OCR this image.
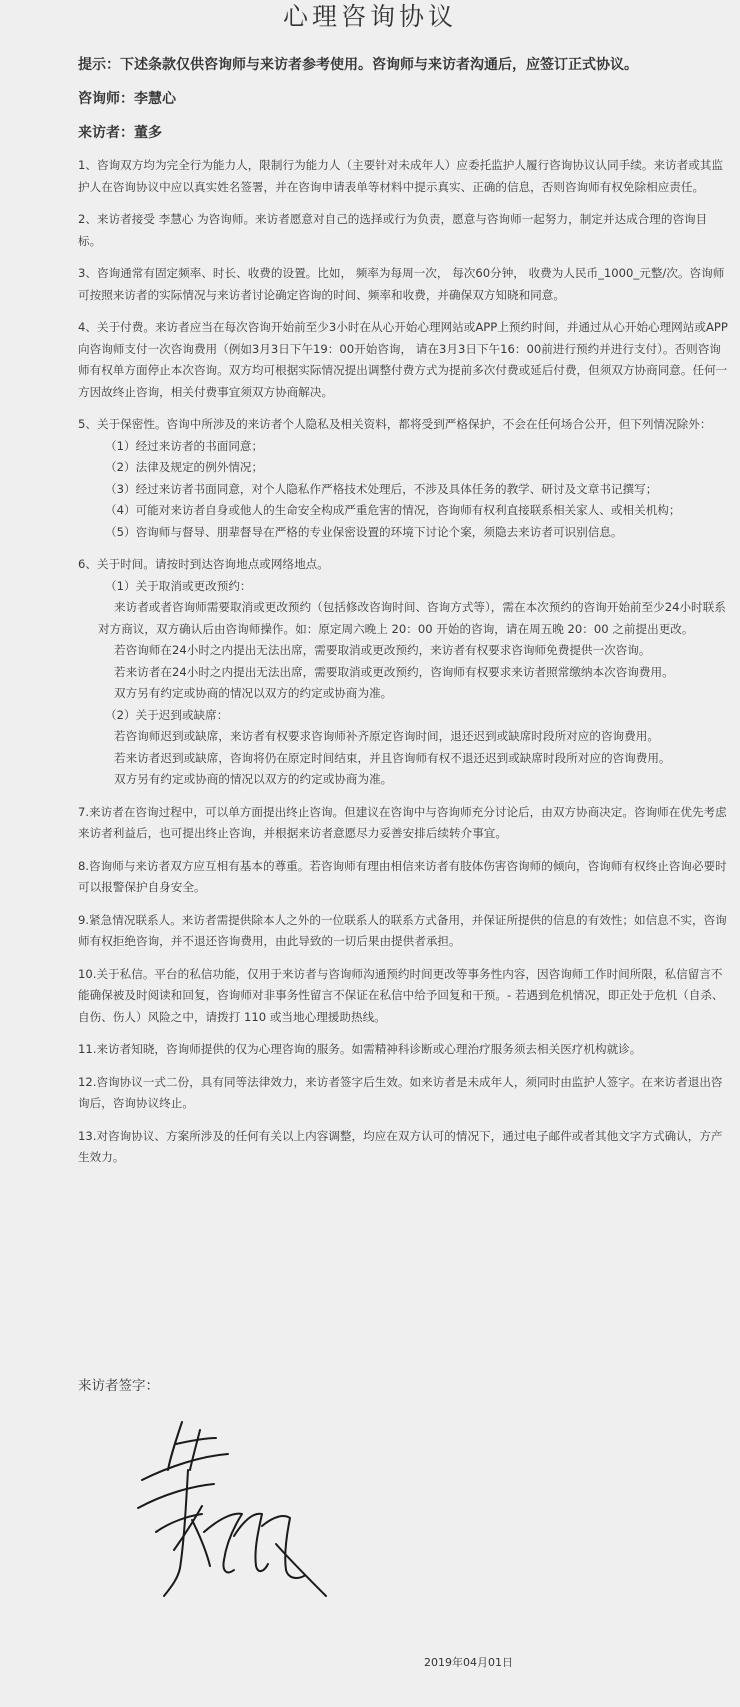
心理咨询协议
提示：下述条款仅供咨询师与来访者参考使用。咨询师与来访者沟通后，应签订正式协议。
咨询师：李慧心
来访者：董多

1、咨询双方均为完全行为能力人，限制行为能力人（主要针对未成年人）应委托监护人履行咨询协议认同手续。来访者或其监护人在咨询协议中应以真实姓名签署，并在咨询申请表单等材料中提示真实、正确的信息，否则咨询师有权免除相应责任。

2、来访者接受 李慧心 为咨询师。来访者愿意对自己的选择或行为负责，愿意与咨询师一起努力，制定并达成合理的咨询目标。

3、咨询通常有固定频率、时长、收费的设置。比如， 频率为每周一次， 每次60分钟， 收费为人民币_1000_元整/次。咨询师可按照来访者的实际情况与来访者讨论确定咨询的时间、频率和收费，并确保双方知晓和同意。

4、关于付费。来访者应当在每次咨询开始前至少3小时在从心开始心理网站或APP上预约时间，并通过从心开始心理网站或APP向咨询师支付一次咨询费用（例如3月3日下午19：00开始咨询， 请在3月3日下午16：00前进行预约并进行支付）。否则咨询师有权单方面停止本次咨询。双方均可根据实际情况提出调整付费方式为提前多次付费或延后付费，但须双方协商同意。任何一方因故终止咨询，相关付费事宜须双方协商解决。

5、关于保密性。咨询中所涉及的来访者个人隐私及相关资料，都将受到严格保护，不会在任何场合公开，但下列情况除外：

（1）经过来访者的书面同意；

（2）法律及规定的例外情况；

（3）经过来访者书面同意，对个人隐私作严格技术处理后，不涉及具体任务的教学、研讨及文章书记撰写；

（4）可能对来访者自身或他人的生命安全构成严重危害的情况，咨询师有权利直接联系相关家人、或相关机构；

（5）咨询师与督导、朋辈督导在严格的专业保密设置的环境下讨论个案，须隐去来访者可识别信息。

6、关于时间。请按时到达咨询地点或网络地点。

（1）关于取消或更改预约：

来访者或者咨询师需要取消或更改预约（包括修改咨询时间、咨询方式等），需在本次预约的咨询开始前至少24小时联系对方商议，双方确认后由咨询师操作。如：原定周六晚上 20：00 开始的咨询，请在周五晚 20：00 之前提出更改。

若咨询师在24小时之内提出无法出席，需要取消或更改预约，来访者有权要求咨询师免费提供一次咨询。

若来访者在24小时之内提出无法出席，需要取消或更改预约，咨询师有权要求来访者照常缴纳本次咨询费用。

双方另有约定或协商的情况以双方的约定或协商为准。

（2）关于迟到或缺席：

若咨询师迟到或缺席，来访者有权要求咨询师补齐原定咨询时间，退还迟到或缺席时段所对应的咨询费用。

若来访者迟到或缺席，咨询将仍在原定时间结束，并且咨询师有权不退还迟到或缺席时段所对应的咨询费用。

双方另有约定或协商的情况以双方的约定或协商为准。

7.来访者在咨询过程中，可以单方面提出终止咨询。但建议在咨询中与咨询师充分讨论后，由双方协商决定。咨询师在优先考虑来访者利益后，也可提出终止咨询，并根据来访者意愿尽力妥善安排后续转介事宜。

8.咨询师与来访者双方应互相有基本的尊重。若咨询师有理由相信来访者有肢体伤害咨询师的倾向，咨询师有权终止咨询必要时可以报警保护自身安全。

9.紧急情况联系人。来访者需提供除本人之外的一位联系人的联系方式备用，并保证所提供的信息的有效性；如信息不实，咨询师有权拒绝咨询，并不退还咨询费用，由此导致的一切后果由提供者承担。

10.关于私信。平台的私信功能，仅用于来访者与咨询师沟通预约时间更改等事务性内容，因咨询师工作时间所限，私信留言不能确保被及时阅读和回复，咨询师对非事务性留言不保证在私信中给予回复和干预。- 若遇到危机情况，即正处于危机（自杀、自伤、伤人）风险之中，请拨打 110 或当地心理援助热线。

11.来访者知晓，咨询师提供的仅为心理咨询的服务。如需精神科诊断或心理治疗服务须去相关医疗机构就诊。

12.咨询协议一式二份，具有同等法律效力，来访者签字后生效。如来访者是未成年人，须同时由监护人签字。在来访者退出咨询后，咨询协议终止。

13.对咨询协议、方案所涉及的任何有关以上内容调整，均应在双方认可的情况下，通过电子邮件或者其他文字方式确认，方产生效力。

来访者签字：
2019年04月01日
